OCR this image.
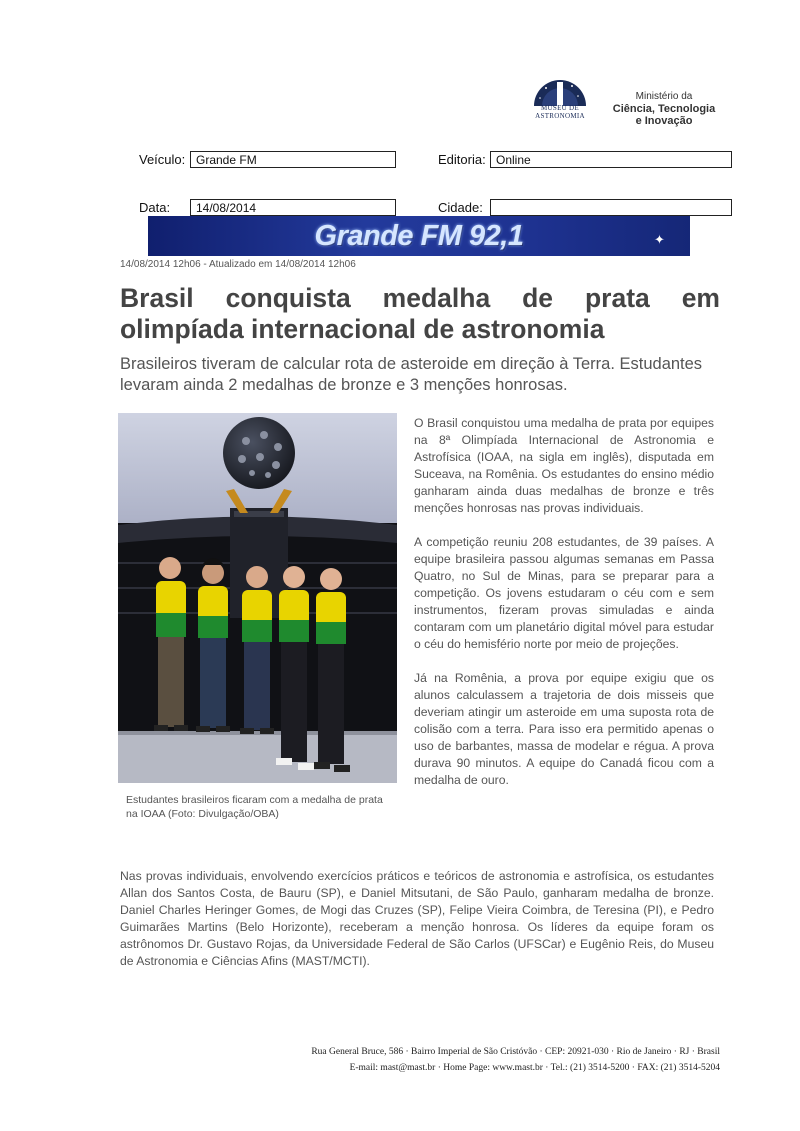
MUSEU DE
ASTRONOMIA
Ministério da
Ciência, Tecnologia
e Inovação
Veículo: Grande FM	Editoria: Online
Data:	14/08/2014	Cidade:
Grande FM 92,1	✦
14/08/2014 12h06 - Atualizado em 14/08/2014 12h06
Brasil conquista medalha de prata em olimpíada internacional de astronomia
Brasileiros tiveram de calcular rota de asteroide em direção à Terra. Estudantes levaram ainda 2 medalhas de bronze e 3 menções honrosas.
Estudantes brasileiros ficaram com a medalha de prata na IOAA (Foto: Divulgação/OBA)

O Brasil conquistou uma medalha de prata por equipes na 8ª Olimpíada Internacional de Astronomia e Astrofísica (IOAA, na sigla em inglês), disputada em Suceava, na Romênia. Os estudantes do ensino médio ganharam ainda duas medalhas de bronze e três menções honrosas nas provas individuais.

A competição reuniu 208 estudantes, de 39 países. A equipe brasileira passou algumas semanas em Passa Quatro, no Sul de Minas, para se preparar para a competição. Os jovens estudaram o céu com e sem instrumentos, fizeram provas simuladas e ainda contaram com um planetário digital móvel para estudar o céu do hemisfério norte por meio de projeções.

Já na Romênia, a prova por equipe exigiu que os alunos calculassem a trajetoria de dois misseis que deveriam atingir um asteroide em uma suposta rota de colisão com a terra. Para isso era permitido apenas o uso de barbantes, massa de modelar e régua. A prova durava 90 minutos. A equipe do Canadá ficou com a medalha de ouro.

Nas provas individuais, envolvendo exercícios práticos e teóricos de astronomia e astrofísica, os estudantes Allan dos Santos Costa, de Bauru (SP), e Daniel Mitsutani, de São Paulo, ganharam medalha de bronze. Daniel Charles Heringer Gomes, de Mogi das Cruzes (SP), Felipe Vieira Coimbra, de Teresina (PI), e Pedro Guimarães Martins (Belo Horizonte), receberam a menção honrosa. Os líderes da equipe foram os astrônomos Dr. Gustavo Rojas, da Universidade Federal de São Carlos (UFSCar) e Eugênio Reis, do Museu de Astronomia e Ciências Afins (MAST/MCTI).
Rua General Bruce, 586 · Bairro Imperial de São Cristóvão · CEP: 20921-030 · Rio de Janeiro · RJ · Brasil
E-mail: mast@mast.br · Home Page: www.mast.br · Tel.: (21) 3514-5200 · FAX: (21) 3514-5204
